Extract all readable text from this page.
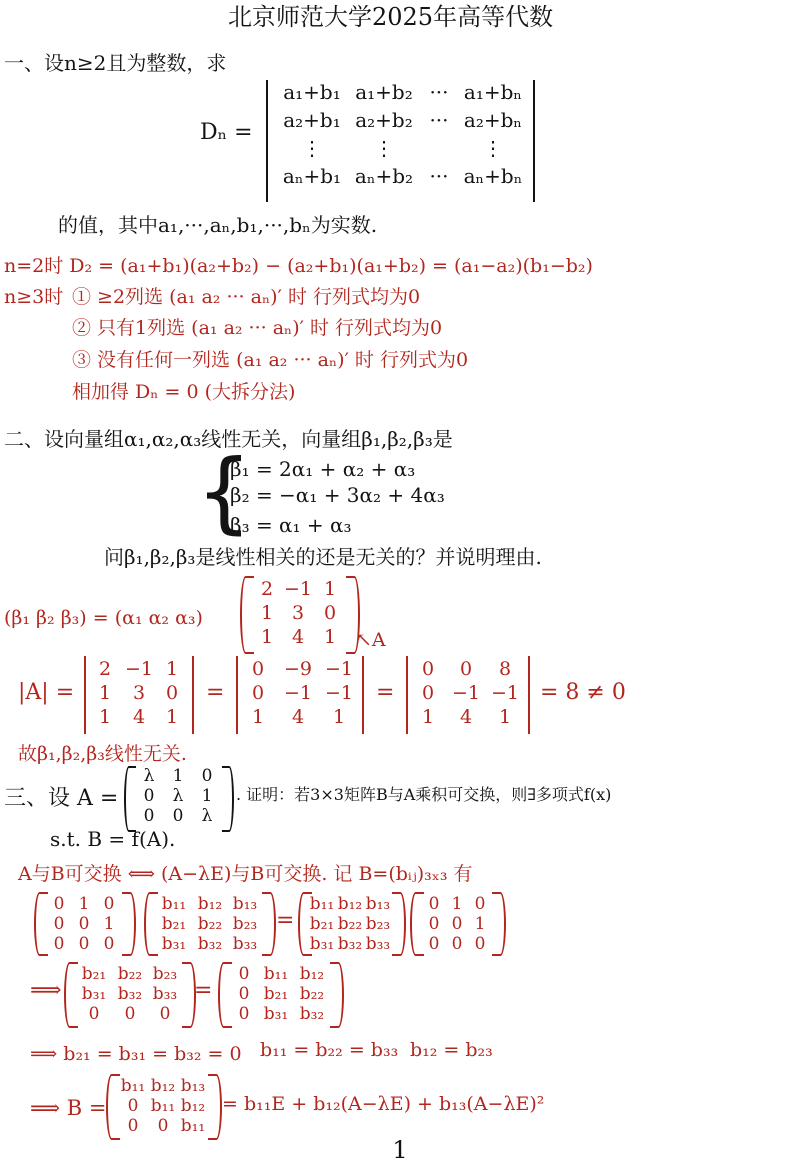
北京师范大学2025年高等代数
一、设n≥2且为整数，求
Dₙ =
a₁+b₁ a₁+b₂ ··· a₁+bₙ
a₂+b₁ a₂+b₂ ··· a₂+bₙ
⋮	⋮	⋮
aₙ+b₁ aₙ+b₂ ··· aₙ+bₙ
的值，其中a₁,···,aₙ,b₁,···,bₙ为实数.
n=2时 D₂ = (a₁+b₁)(a₂+b₂) − (a₂+b₁)(a₁+b₂) = (a₁−a₂)(b₁−b₂)
n≥3时 ① ≥2列选 (a₁ a₂ ··· aₙ)′ 时 行列式均为0
② 只有1列选 (a₁ a₂ ··· aₙ)′ 时 行列式均为0
③ 没有任何一列选 (a₁ a₂ ··· aₙ)′ 时 行列式为0
相加得 Dₙ = 0 (大拆分法)
二、设向量组α₁,α₂,α₃线性无关，向量组β₁,β₂,β₃是
{
β₁ = 2α₁ + α₂ + α₃
β₂ = −α₁ + 3α₂ + 4α₃
β₃ = α₁ + α₃
问β₁,β₂,β₃是线性相关的还是无关的？并说明理由.
(β₁ β₂ β₃) = (α₁ α₂ α₃)
2 −1 1
1 3	0
1 4	1	↖A
|A| =
2 −1 1
1	3	0
1	4	1
=
0	−9 −1
0	−1 −1
1	4	1
=
0	0	8
0 −1 −1
1	4	1
= 8 ≠ 0
故β₁,β₂,β₃线性无关.
三、设 A =
λ	1	0
0	λ	1
0	0	λ
. 证明：若3×3矩阵B与A乘积可交换，则∃多项式f(x)
s.t. B = f(A).
A与B可交换 ⟺ (A−λE)与B可交换. 记 B=(bᵢⱼ)₃ₓ₃ 有
0 1 0
0 0 1
0 0 0
b₁₁ b₁₂ b₁₃
b₂₁ b₂₂ b₂₃
b₃₁ b₃₂ b₃₃
=
b₁₁ b₁₂ b₁₃
b₂₁ b₂₂ b₂₃
b₃₁ b₃₂ b₃₃
0 1 0
0 0 1
0 0 0
⟹
b₂₁ b₂₂ b₂₃
b₃₁ b₃₂ b₃₃
0	0	0
=
0 b₁₁ b₁₂
0 b₂₁ b₂₂
0 b₃₁ b₃₂
⟹ b₂₁ = b₃₁ = b₃₂ = 0 b₁₁ = b₂₂ = b₃₃ b₁₂ = b₂₃
⟹ B =
b₁₁ b₁₂ b₁₃
0 b₁₁ b₁₂
0	0 b₁₁
= b₁₁E + b₁₂(A−λE) + b₁₃(A−λE)²
1
